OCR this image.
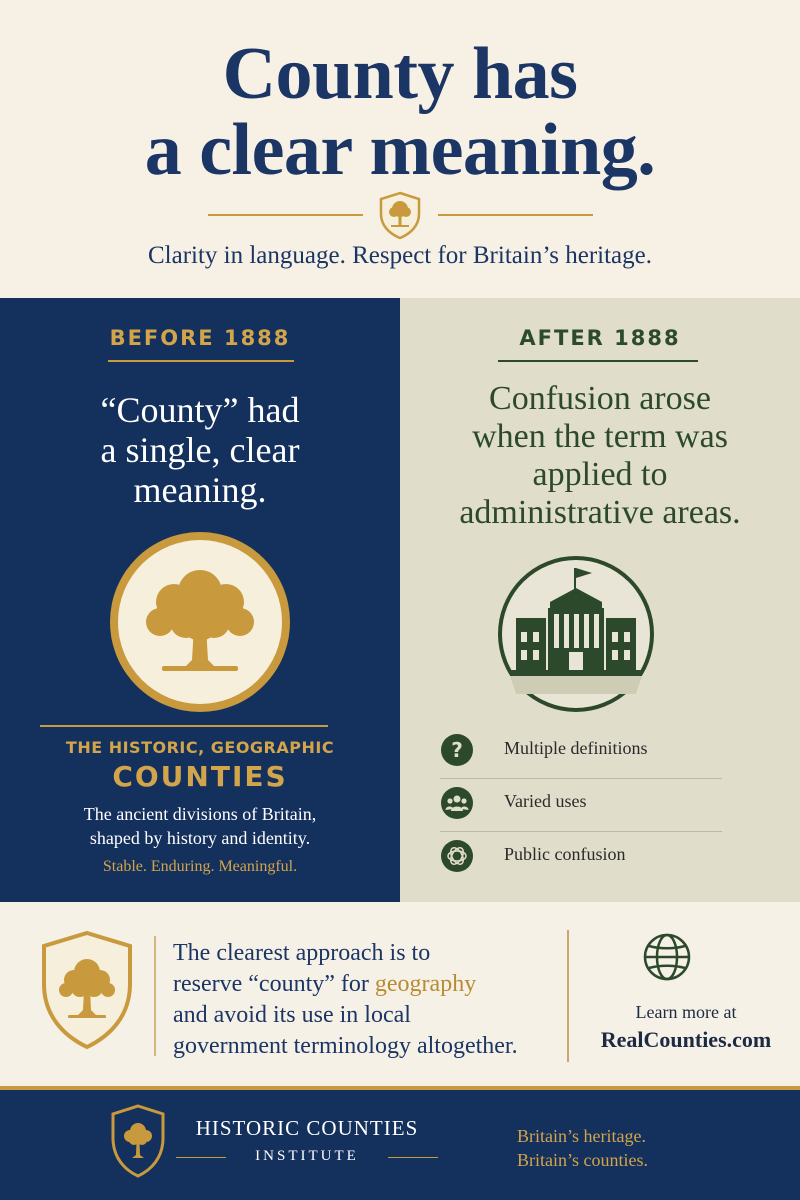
County has
a clear meaning.
Clarity in language. Respect for Britain’s heritage.
BEFORE 1888
“County” had
a single, clear
meaning.
THE HISTORIC, GEOGRAPHIC
COUNTIES
The ancient divisions of Britain,
shaped by history and identity.
Stable. Enduring. Meaningful.
AFTER 1888
Confusion arose
when the term was
applied to
administrative areas.
? Multiple definitions
Varied uses
Public confusion
The clearest approach is to
reserve “county” for geography
and avoid its use in local
government terminology altogether.
Learn more at
RealCounties.com
HISTORIC COUNTIES
INSTITUTE
Britain’s heritage.
Britain’s counties.
